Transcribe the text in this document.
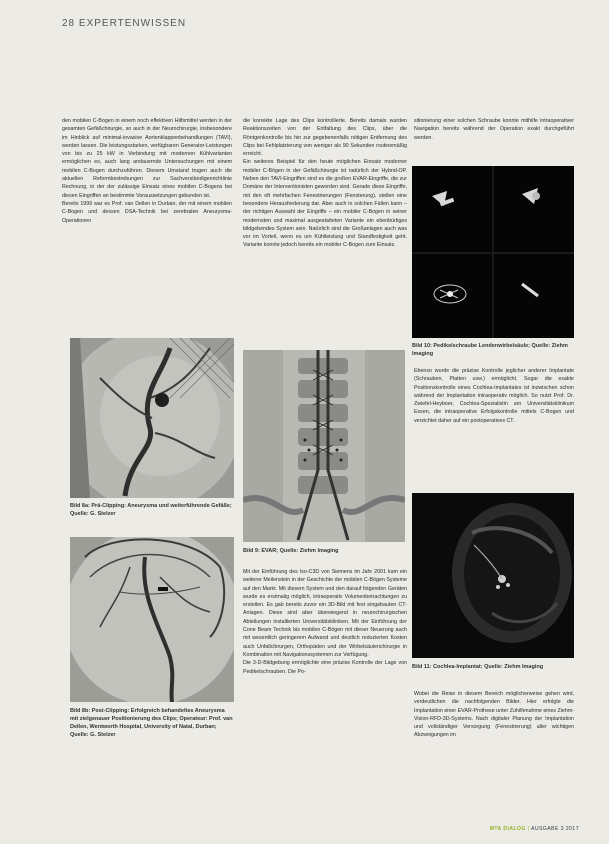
28 EXPERTENWISSEN

den mobilen C-Bogen in einem noch effektiven Hilfsmittel werden in der gesamten Gefäßchirurgie, so auch in der Neurochirurgie, insbesondere im Hinblick auf minimal-invasive Aortenklappenbehandlungen (TAVI), werden lassen. Die leistungsstarken, verfügbaren Generator-Leistungen von bis zu 25 kW in Verbindung mit modernen Kühlvarianten ermöglichen es, auch lang andauernde Untersuchungen mit einem mobilen C-Bogen durchzuführen. Diesem Umstand trugen auch die aktuellen Reformbestrebungen zur Sachverständigenrichtlinie Rechnung, in der der zulässige Einsatz eines mobilen C-Bogens bei diesen Eingriffen an bestimmte Voraussetzungen gebunden ist.

Bereits 1999 war es Prof. van Dellen in Durban, der mit einem mobilen C-Bogen und dessen DSA-Technik bei zerebralen Aneurysma-Operationen

Bild 8a: Prä-Clipping: Aneurysma und weiterführende Gefäße; Quelle: G. Stelzer
Bild 8b: Post-Clipping: Erfolgreich behandeltes Aneurysma mit zielgenauer Positionierung des Clips; Operateur: Prof. van Dellen, Wentworth Hospital, University of Natal, Durban; Quelle: G. Stelzer

die korrekte Lage des Clips kontrollierte. Bereits damals wurden Reaktionszeiten von der Entfaltung des Clips, über die Röntgenkontrolle bis hin zur gegebenenfalls nötigen Entfernung des Clips bei Fehlplatzierung von weniger als 90 Sekunden routinemäßig erreicht.

Ein weiteres Beispiel für den heute möglichen Einsatz moderner mobiler C-Bögen in der Gefäßchirurgie ist natürlich der Hybrid-OP. Neben den TAVI-Eingriffen sind es die großen EVAR-Eingriffe, die zur Domäne der Interventionisten geworden sind. Gerade diese Eingriffe, mit den oft mehrfachen Fenestrierungen (Fensterung), stellen eine besondere Herausforderung dar. Aber auch in solchen Fällen kann – der richtigen Auswahl der Eingriffe – ein mobiler C-Bogen in seiner modernsten und maximal ausgestatteten Variante ein ebenbürtiges bildgebendes System sein. Natürlich sind die Großanlagen auch was vor im Vorteil, wenn es um Kühlleistung und Standfestigkeit geht. Variante konnte jedoch bereits ein mobiler C-Bogen zum Einsatz.

Bild 9: EVAR; Quelle: Ziehm Imaging

Mit der Einführung des Iso-C3D von Siemens im Jahr 2001 kam ein weiterer Meilenstein in der Geschichte der mobilen C-Bögen Systeme auf den Markt. Mit diesem System und den darauf folgenden Geräten wurde es erstmalig möglich, intraoperativ Volumenbetrachtungen zu erstellen. Es gab bereits zuvor ein 3D-Bild mit fest eingebauten CT-Anlagen. Diese sind aber überwiegend in neurochirurgischen Abteilungen installierten Universitätskliniken. Mit der Einführung der Cone Beam Technik bis mobilen C-Bögen mit dieser Neuerung auch mit wesentlich geringerem Aufwand und deutlich reduzierten Kosten auch Unfallchirurgen, Orthopäden und der Wirbelsäulenchirurgie in Kombination mit Navigationssystemen zur Verfügung.

Die 3-D-Bildgebung ermöglichte eine präzise Kontrolle der Lage von Pedikelschrauben. Die Po-

sitionierung einer solchen Schraube konnte mithilfe intraoperativer Navigation bereits während der Operation exakt durchgeführt werden.

Bild 10: Pedikelschraube Lendenwirbelsäule; Quelle: Ziehm Imaging

Ebenso wurde die präzise Kontrolle jeglicher anderer Implantate (Schrauben, Platten usw.) ermöglicht. Sogar die exakte Positionskontrolle eines Cochlea-Implantates ist inzwischen schon während der Implantation intraoperativ möglich. So nutzt Prof. Dr. Zwiefel-Heyboer, Cochlea-Spezialistin am Universitätsklinikum Essen, die intraoperative Erfolgskontrolle mittels C-Bogen und verzichtet daher auf ein postoperatives CT.

Bild 11: Cochlea-Implantat; Quelle: Ziehm Imaging

Wobei die Reise in diesem Bereich möglicherweise gehen wird, verdeutlichen die nachfolgenden Bilder. Hier erfolgte die Implantation einer EVAR-Prothese unter Zuhilfenahme eines Ziehm-Vision-RFD-3D-Systems. Nach digitaler Planung der Implantation und vollständiger Versorgung (Fenestrierung) aller wichtigen Abzweigungen im

MTA DIALOG | AUSGABE 3 2017
